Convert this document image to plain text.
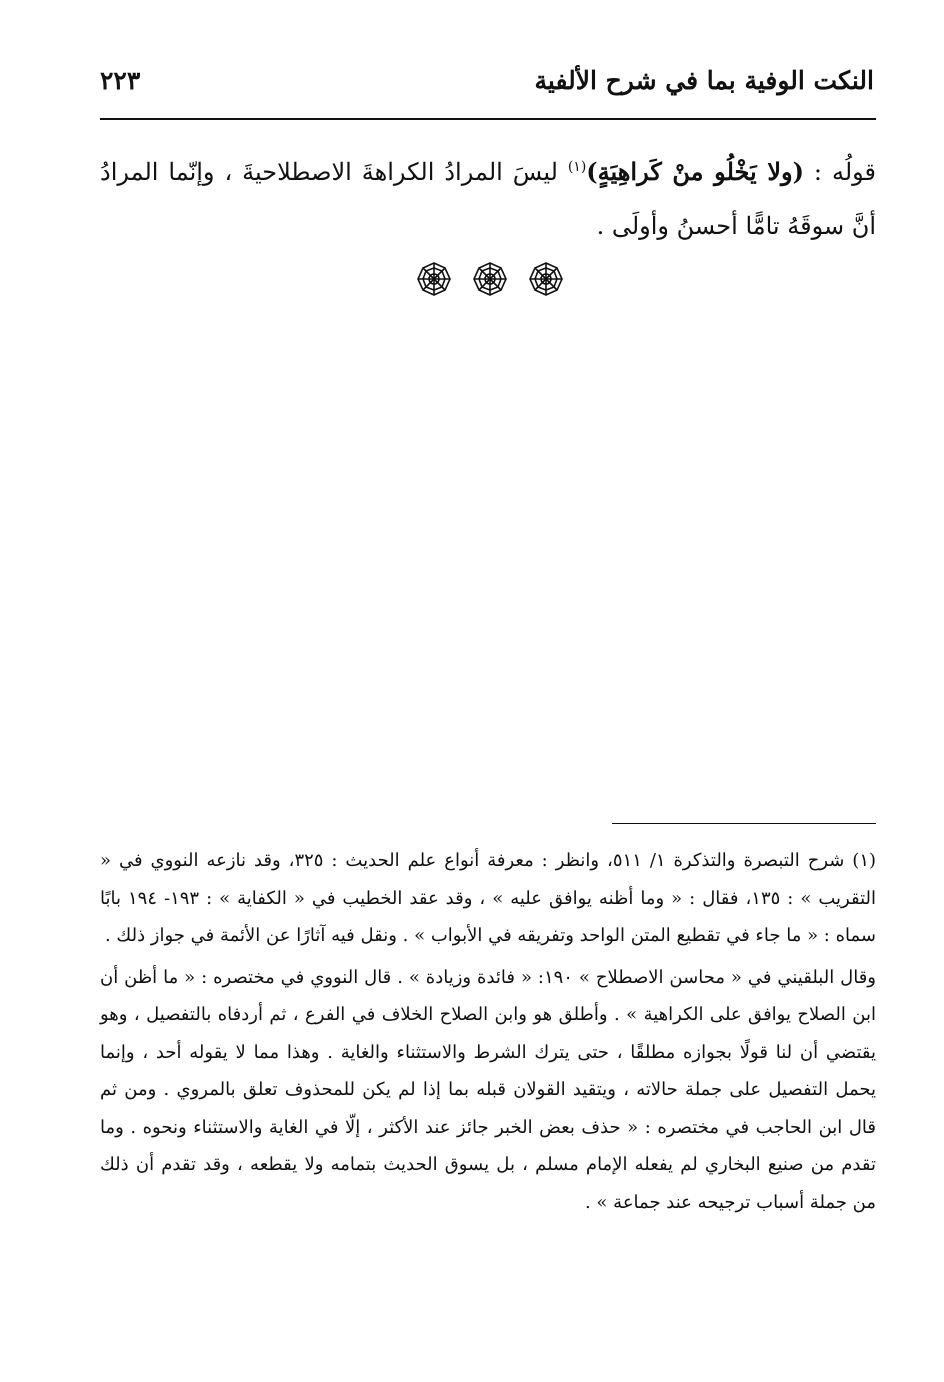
النكت الوفية بما في شرح الألفية
٢٢٣

قولُه : (ولا يَخْلُو منْ كَراهِيَةٍ)$^{(١)}$ ليسَ المرادُ الكراهةَ الاصطلاحيةَ ، وإنّما المرادُ أنَّ سوقَهُ تامًّا أحسنُ وأولَى .

(١) شرح التبصرة والتذكرة ١/ ٥١١، وانظر : معرفة أنواع علم الحديث : ٣٢٥، وقد نازعه النووي في « التقريب » : ١٣٥، فقال : « وما أظنه يوافق عليه » ، وقد عقد الخطيب في « الكفاية » : ١٩٣- ١٩٤ بابًا سماه : « ما جاء في تقطيع المتن الواحد وتفريقه في الأبواب » . ونقل فيه آثارًا عن الأئمة في جواز ذلك .

وقال البلقيني في « محاسن الاصطلاح » ١٩٠: « فائدة وزيادة » . قال النووي في مختصره : « ما أظن أن ابن الصلاح يوافق على الكراهية » . وأطلق هو وابن الصلاح الخلاف في الفرع ، ثم أردفاه بالتفصيل ، وهو يقتضي أن لنا قولًا بجوازه مطلقًا ، حتى يترك الشرط والاستثناء والغاية . وهذا مما لا يقوله أحد ، وإنما يحمل التفصيل على جملة حالاته ، ويتقيد القولان قبله بما إذا لم يكن للمحذوف تعلق بالمروي . ومن ثم قال ابن الحاجب في مختصره : « حذف بعض الخبر جائز عند الأكثر ، إلّا في الغاية والاستثناء ونحوه . وما تقدم من صنيع البخاري لم يفعله الإمام مسلم ، بل يسوق الحديث بتمامه ولا يقطعه ، وقد تقدم أن ذلك من جملة أسباب ترجيحه عند جماعة » .
